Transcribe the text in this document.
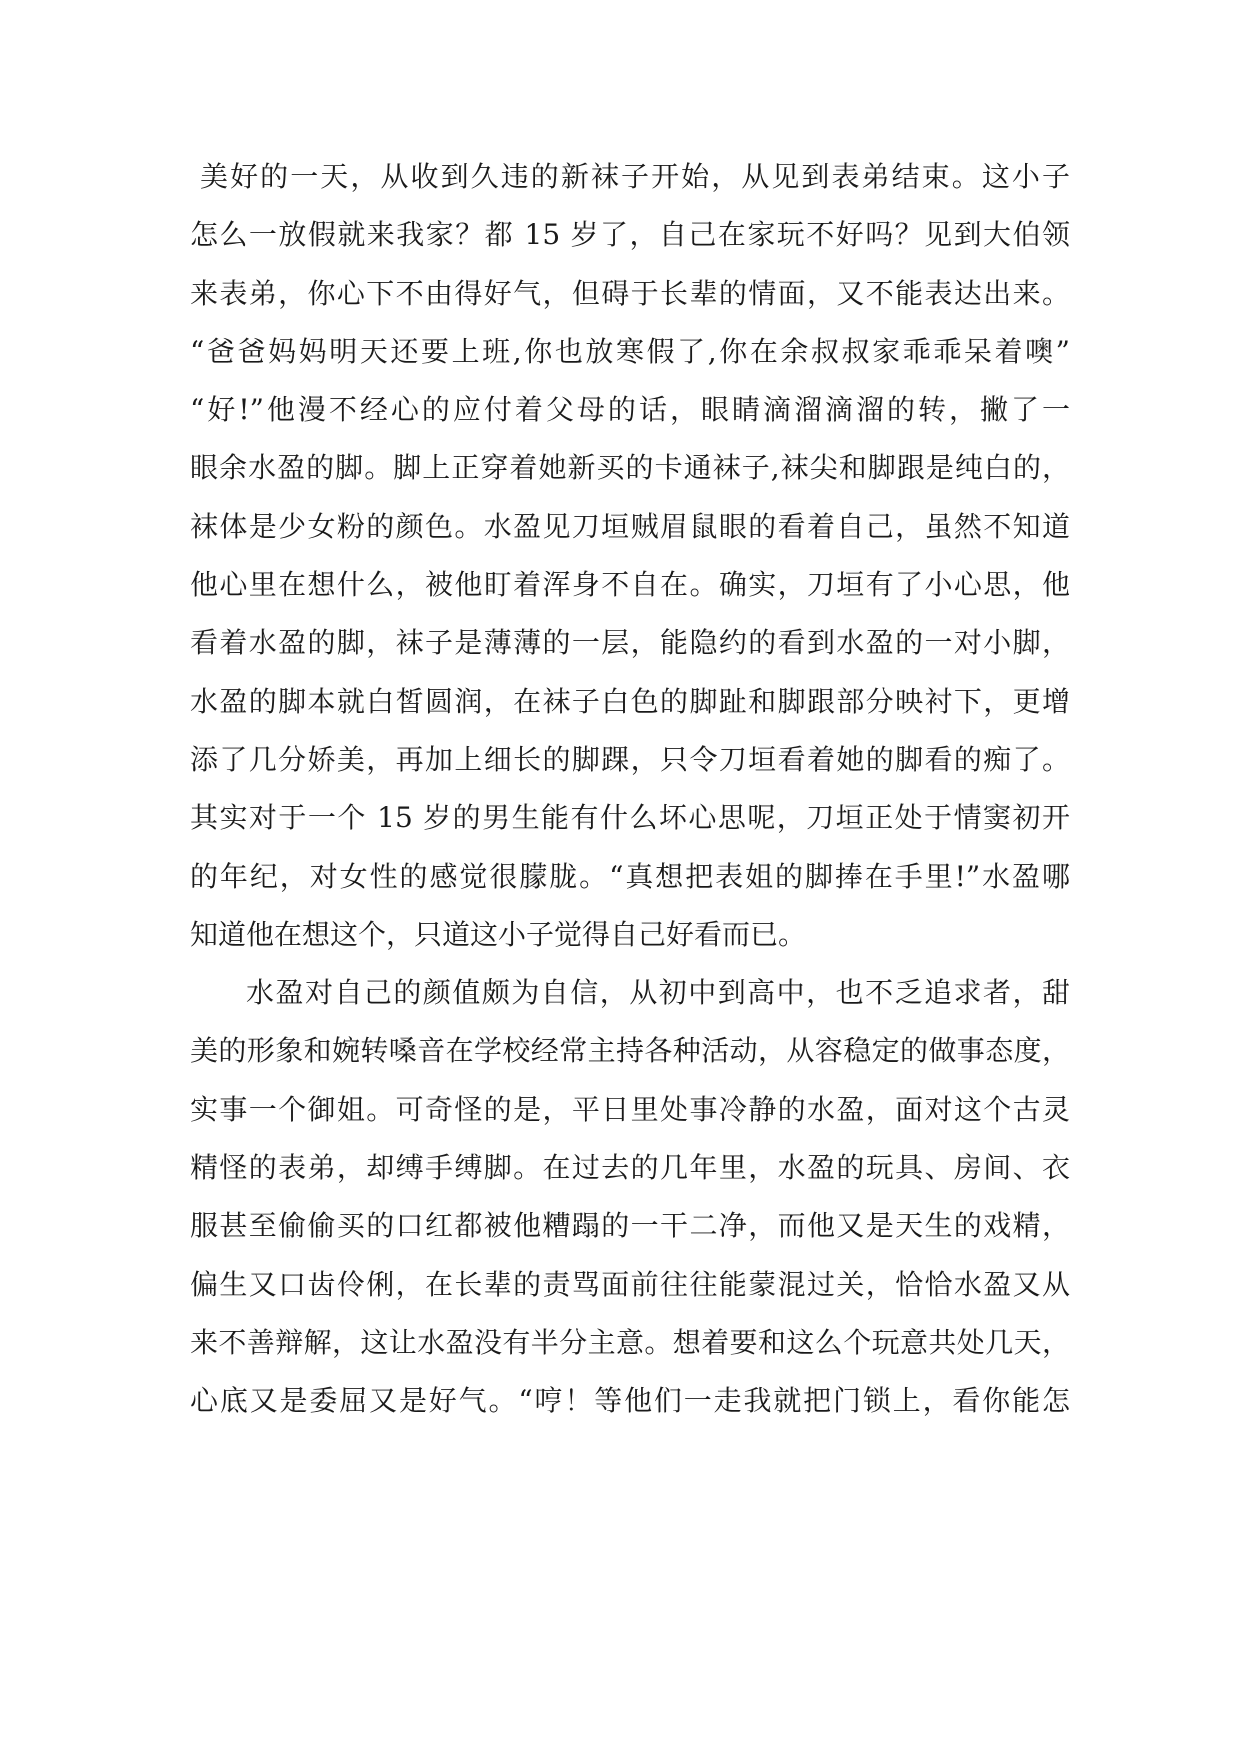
美好的一天，从收到久违的新袜子开始，从见到表弟结束。这小子
怎么一放假就来我家？都 15 岁了，自己在家玩不好吗？见到大伯领
来表弟，你心下不由得好气，但碍于长辈的情面，又不能表达出来。
“爸爸妈妈明天还要上班,你也放寒假了,你在余叔叔家乖乖呆着噢”
“好!”他漫不经心的应付着父母的话，眼睛滴溜滴溜的转，撇了一
眼余水盈的脚。脚上正穿着她新买的卡通袜子,袜尖和脚跟是纯白的，
袜体是少女粉的颜色。水盈见刀垣贼眉鼠眼的看着自己，虽然不知道
他心里在想什么，被他盯着浑身不自在。确实，刀垣有了小心思，他
看着水盈的脚，袜子是薄薄的一层，能隐约的看到水盈的一对小脚，
水盈的脚本就白皙圆润，在袜子白色的脚趾和脚跟部分映衬下，更增
添了几分娇美，再加上细长的脚踝，只令刀垣看着她的脚看的痴了。
其实对于一个 15 岁的男生能有什么坏心思呢，刀垣正处于情窦初开
的年纪，对女性的感觉很朦胧。“真想把表姐的脚捧在手里!”水盈哪
知道他在想这个，只道这小子觉得自己好看而已。
水盈对自己的颜值颇为自信，从初中到高中，也不乏追求者，甜
美的形象和婉转嗓音在学校经常主持各种活动，从容稳定的做事态度，
实事一个御姐。可奇怪的是，平日里处事冷静的水盈，面对这个古灵
精怪的表弟，却缚手缚脚。在过去的几年里，水盈的玩具、房间、衣
服甚至偷偷买的口红都被他糟蹋的一干二净，而他又是天生的戏精，
偏生又口齿伶俐，在长辈的责骂面前往往能蒙混过关，恰恰水盈又从
来不善辩解，这让水盈没有半分主意。想着要和这么个玩意共处几天，
心底又是委屈又是好气。“哼！等他们一走我就把门锁上，看你能怎
